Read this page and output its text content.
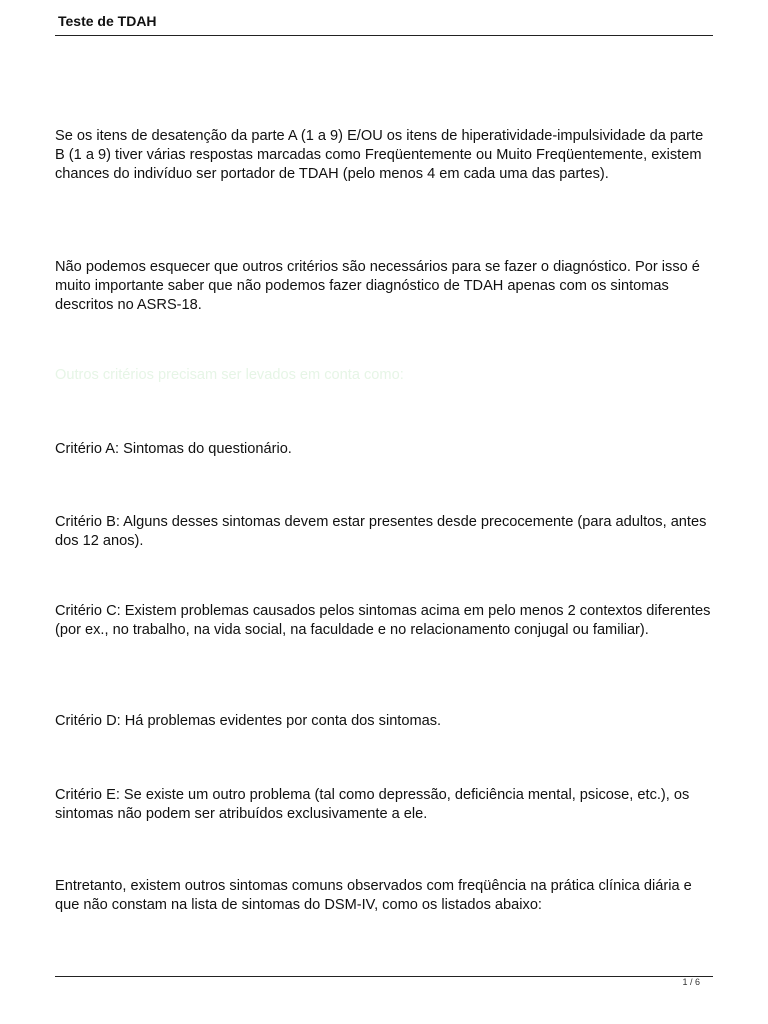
Teste de TDAH

Se os itens de desatenção da parte A (1 a 9) E/OU os itens de hiperatividade-impulsividade da parte B (1 a 9) tiver várias respostas marcadas como Freqüentemente ou Muito Freqüentemente, existem chances do indivíduo ser portador de TDAH (pelo menos 4 em cada uma das partes).

Não podemos esquecer que outros critérios são necessários para se fazer o diagnóstico. Por isso é muito importante saber que não podemos fazer diagnóstico de TDAH apenas com os sintomas descritos no ASRS-18.

Outros critérios precisam ser levados em conta como:

Critério A: Sintomas do questionário.

Critério B: Alguns desses sintomas devem estar presentes desde precocemente (para adultos, antes dos 12 anos).

Critério C: Existem problemas causados pelos sintomas acima em pelo menos 2 contextos diferentes (por ex., no trabalho, na vida social, na faculdade e no relacionamento conjugal ou familiar).

Critério D: Há problemas evidentes por conta dos sintomas.

Critério E: Se existe um outro problema (tal como depressão, deficiência mental, psicose, etc.), os sintomas não podem ser atribuídos exclusivamente a ele.

Entretanto, existem outros sintomas comuns observados com freqüência na prática clínica diária e que não constam na lista de sintomas do DSM-IV, como os listados abaixo:

1 / 6
